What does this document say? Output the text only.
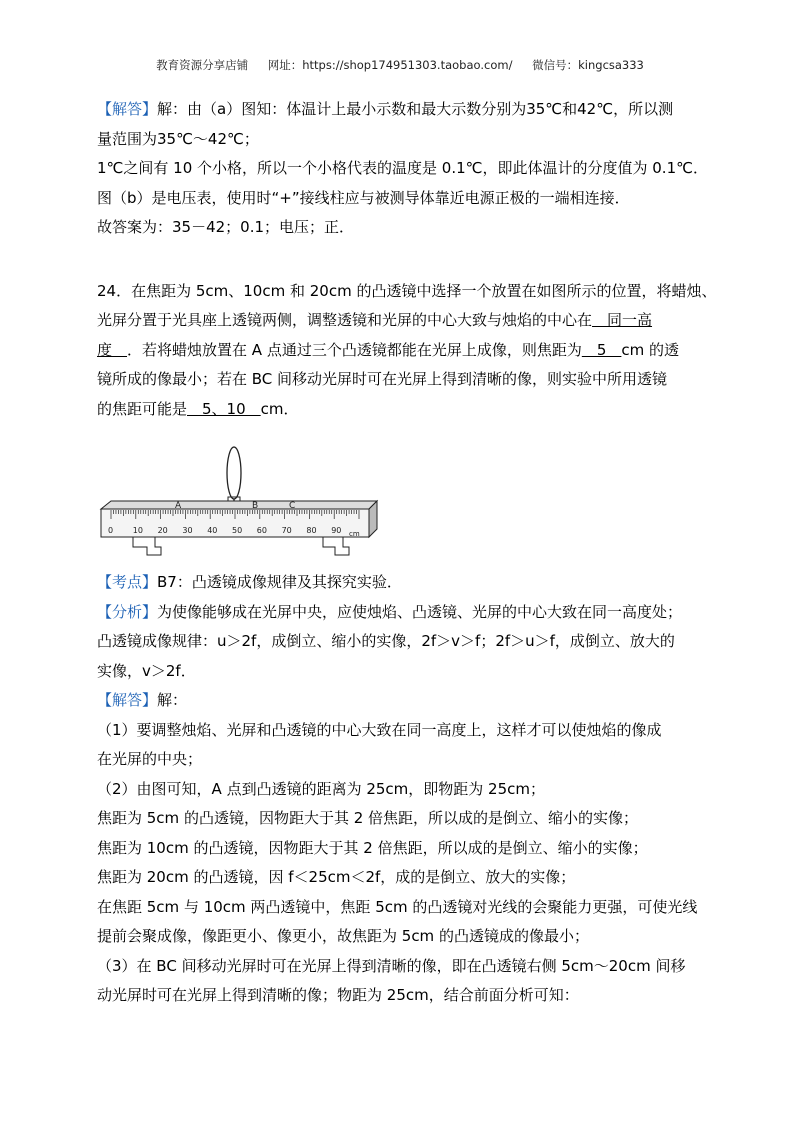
教育资源分享店铺 网址：https://shop174951303.taobao.com/ 微信号：kingcsa333
【解答】解：由（a）图知：体温计上最小示数和最大示数分别为35℃和42℃，所以测
量范围为35℃～42℃；
1℃之间有 10 个小格，所以一个小格代表的温度是 0.1℃，即此体温计的分度值为 0.1℃．
图（b）是电压表，使用时“+”接线柱应与被测导体靠近电源正极的一端相连接．
故答案为：35－42；0.1；电压；正．
24．在焦距为 5cm、10cm 和 20cm 的凸透镜中选择一个放置在如图所示的位置，将蜡烛、
光屏分置于光具座上透镜两侧，调整透镜和光屏的中心大致与烛焰的中心在　同一高
度　．若将蜡烛放置在 A 点通过三个凸透镜都能在光屏上成像，则焦距为　5　cm 的透
镜所成的像最小；若在 BC 间移动光屏时可在光屏上得到清晰的像，则实验中所用透镜
的焦距可能是　5、10　cm．
0 10 20 30 40 50 60 70 80 90
A	B	C
cm
【考点】B7：凸透镜成像规律及其探究实验．
【分析】为使像能够成在光屏中央，应使烛焰、凸透镜、光屏的中心大致在同一高度处；
凸透镜成像规律：u＞2f，成倒立、缩小的实像，2f＞v＞f；2f＞u＞f，成倒立、放大的
实像，v＞2f．
【解答】解：
（1）要调整烛焰、光屏和凸透镜的中心大致在同一高度上，这样才可以使烛焰的像成
在光屏的中央；
（2）由图可知，A 点到凸透镜的距离为 25cm，即物距为 25cm；
焦距为 5cm 的凸透镜，因物距大于其 2 倍焦距，所以成的是倒立、缩小的实像；
焦距为 10cm 的凸透镜，因物距大于其 2 倍焦距，所以成的是倒立、缩小的实像；
焦距为 20cm 的凸透镜，因 f＜25cm＜2f，成的是倒立、放大的实像；
在焦距 5cm 与 10cm 两凸透镜中，焦距 5cm 的凸透镜对光线的会聚能力更强，可使光线
提前会聚成像，像距更小、像更小，故焦距为 5cm 的凸透镜成的像最小；
（3）在 BC 间移动光屏时可在光屏上得到清晰的像，即在凸透镜右侧 5cm～20cm 间移
动光屏时可在光屏上得到清晰的像；物距为 25cm，结合前面分析可知：
